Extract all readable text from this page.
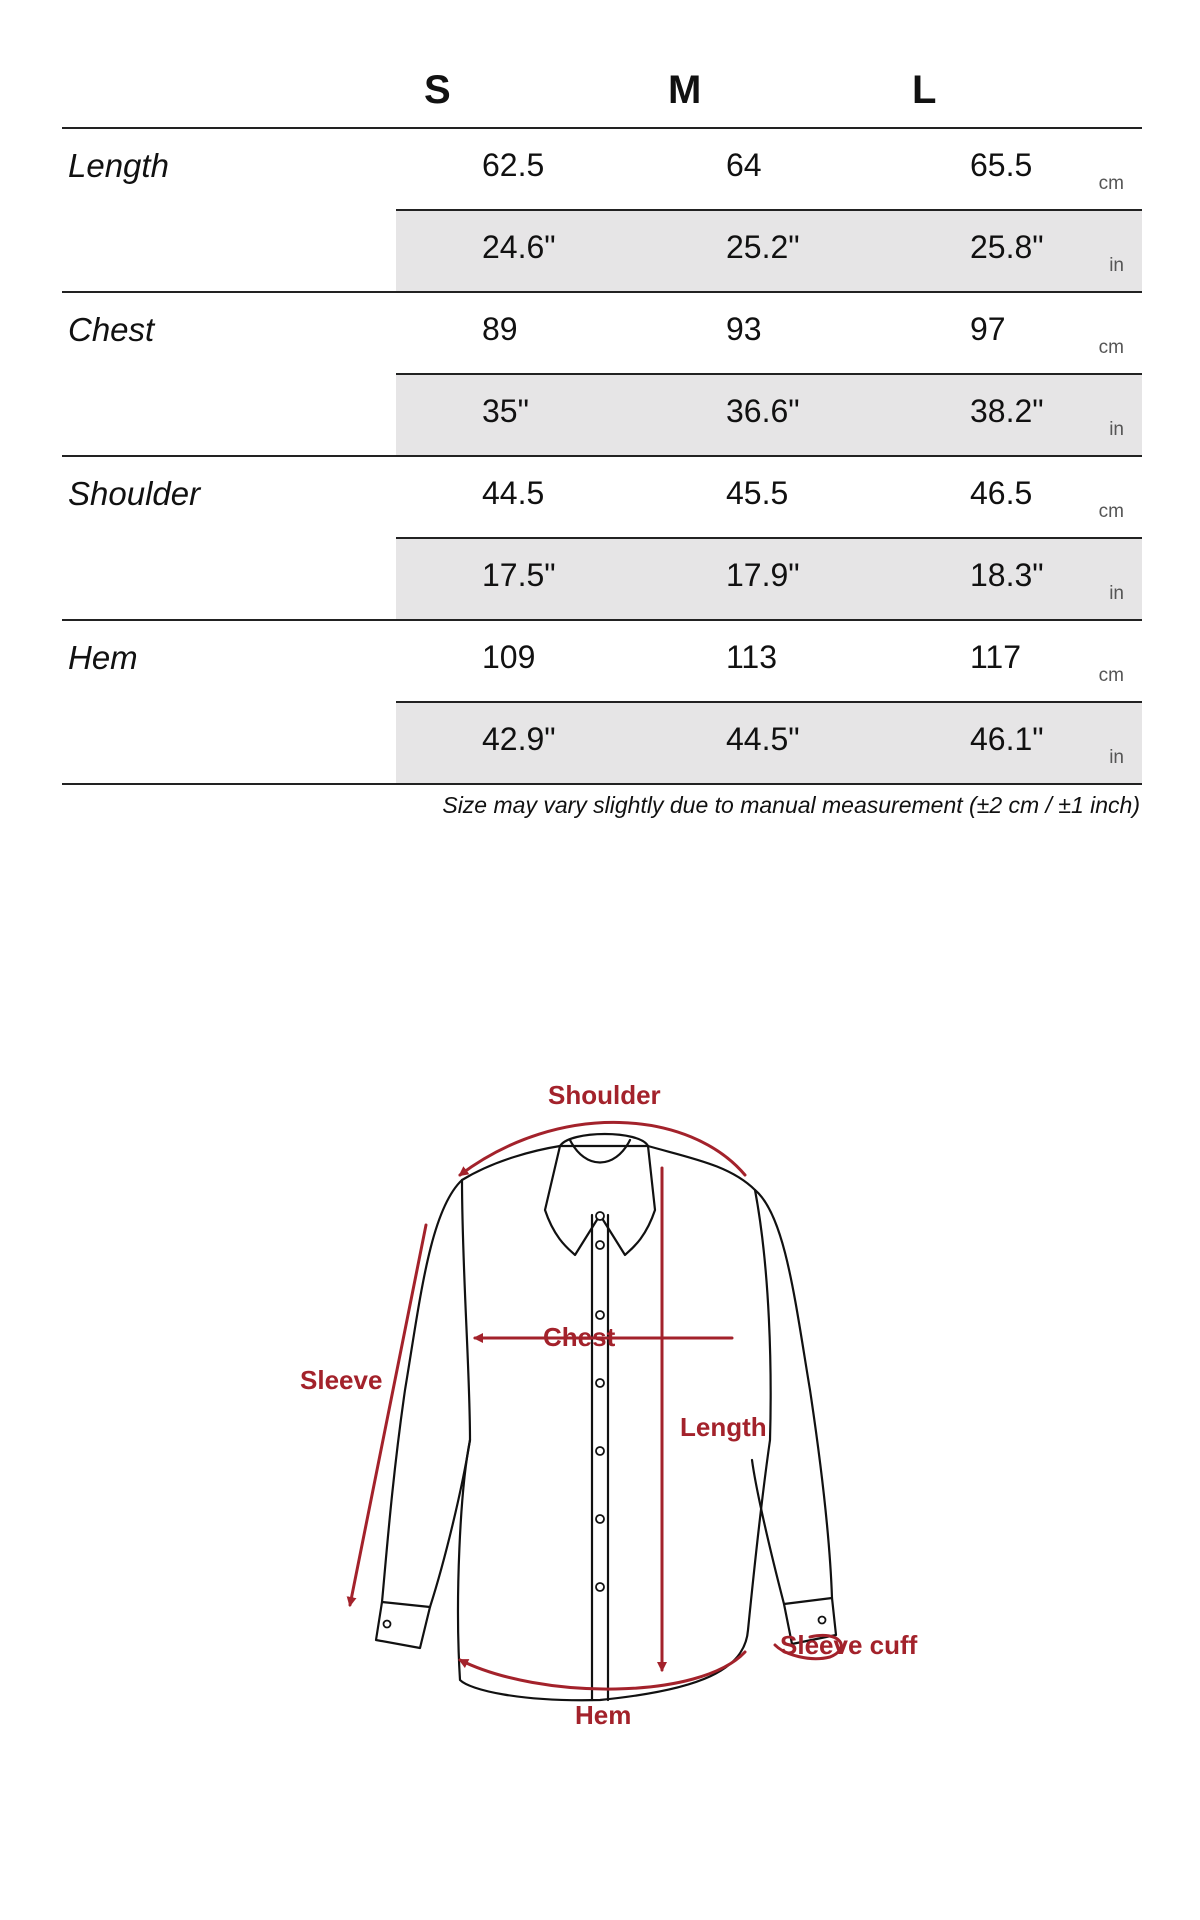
S	M	L
Length	62.5	64	65.5
cm
24.6"	25.2"	25.8"
in
Chest	89	93	97
cm
35"	36.6"	38.2"
in
Shoulder	44.5	45.5	46.5
cm
17.5"	17.9"	18.3"
in
Hem	109	113	117
cm
42.9"	44.5"	46.1"
in
Size may vary slightly due to manual measurement (±2 cm / ±1 inch)
Shoulder
Chest
Sleeve
Length
Sleeve cuff
Hem
